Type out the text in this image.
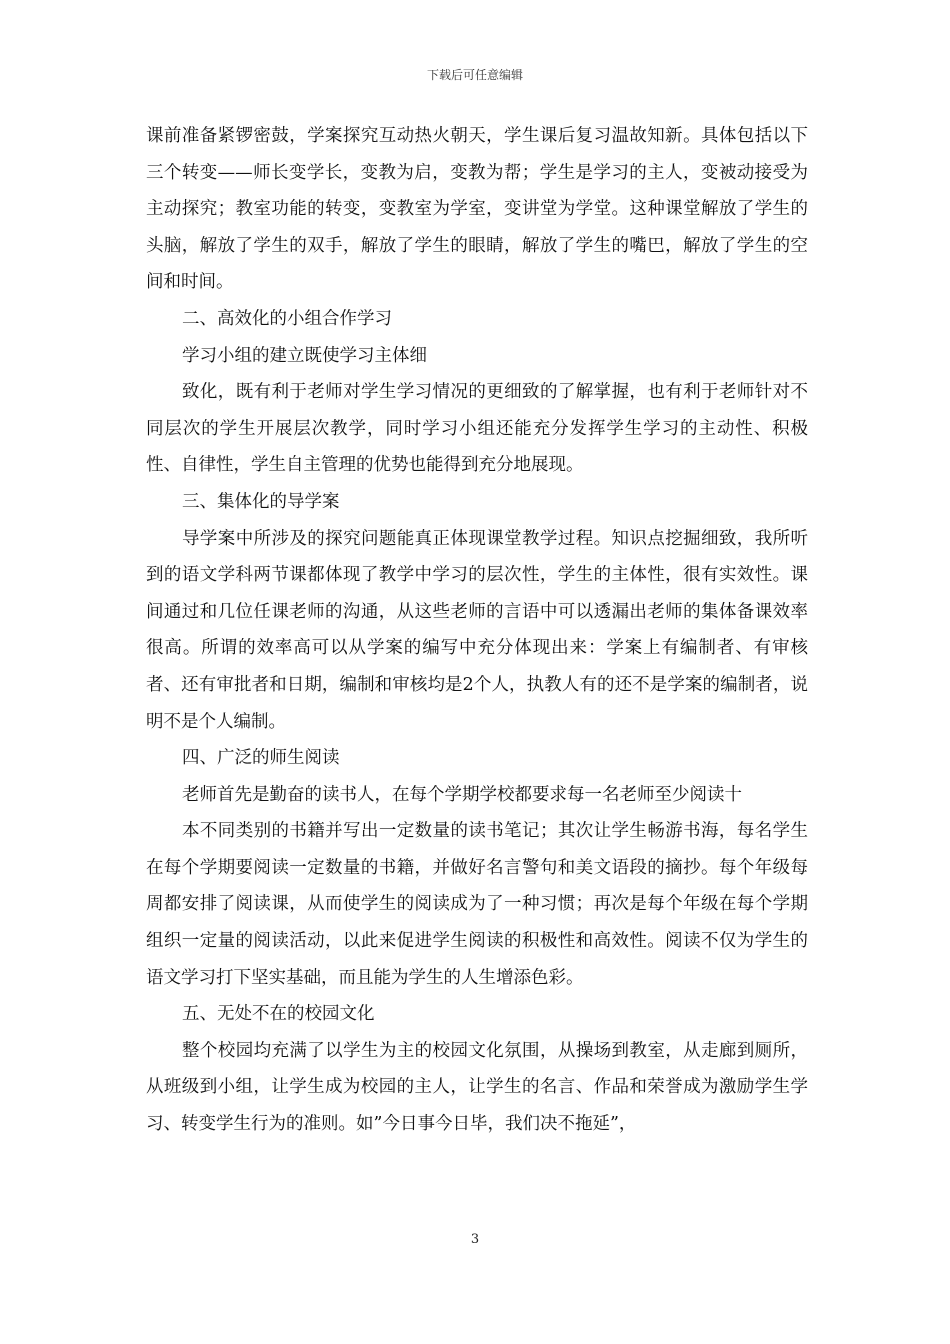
下载后可任意编辑

课前准备紧锣密鼓，学案探究互动热火朝天，学生课后复习温故知新。具体包括以下三个转变——师长变学长，变教为启，变教为帮；学生是学习的主人，变被动接受为主动探究；教室功能的转变，变教室为学室，变讲堂为学堂。这种课堂解放了学生的头脑，解放了学生的双手，解放了学生的眼睛，解放了学生的嘴巴，解放了学生的空间和时间。

二、高效化的小组合作学习

学习小组的建立既使学习主体细

致化，既有利于老师对学生学习情况的更细致的了解掌握，也有利于老师针对不同层次的学生开展层次教学，同时学习小组还能充分发挥学生学习的主动性、积极性、自律性，学生自主管理的优势也能得到充分地展现。

三、集体化的导学案

导学案中所涉及的探究问题能真正体现课堂教学过程。知识点挖掘细致，我所听到的语文学科两节课都体现了教学中学习的层次性，学生的主体性，很有实效性。课间通过和几位任课老师的沟通，从这些老师的言语中可以透漏出老师的集体备课效率很高。所谓的效率高可以从学案的编写中充分体现出来：学案上有编制者、有审核者、还有审批者和日期，编制和审核均是2个人，执教人有的还不是学案的编制者，说明不是个人编制。

四、广泛的师生阅读

老师首先是勤奋的读书人，在每个学期学校都要求每一名老师至少阅读十

本不同类别的书籍并写出一定数量的读书笔记；其次让学生畅游书海，每名学生在每个学期要阅读一定数量的书籍，并做好名言警句和美文语段的摘抄。每个年级每周都安排了阅读课，从而使学生的阅读成为了一种习惯；再次是每个年级在每个学期组织一定量的阅读活动，以此来促进学生阅读的积极性和高效性。阅读不仅为学生的语文学习打下坚实基础，而且能为学生的人生增添色彩。

五、无处不在的校园文化

整个校园均充满了以学生为主的校园文化氛围，从操场到教室，从走廊到厕所，从班级到小组，让学生成为校园的主人，让学生的名言、作品和荣誉成为激励学生学习、转变学生行为的准则。如”今日事今日毕，我们决不拖延”，

3
